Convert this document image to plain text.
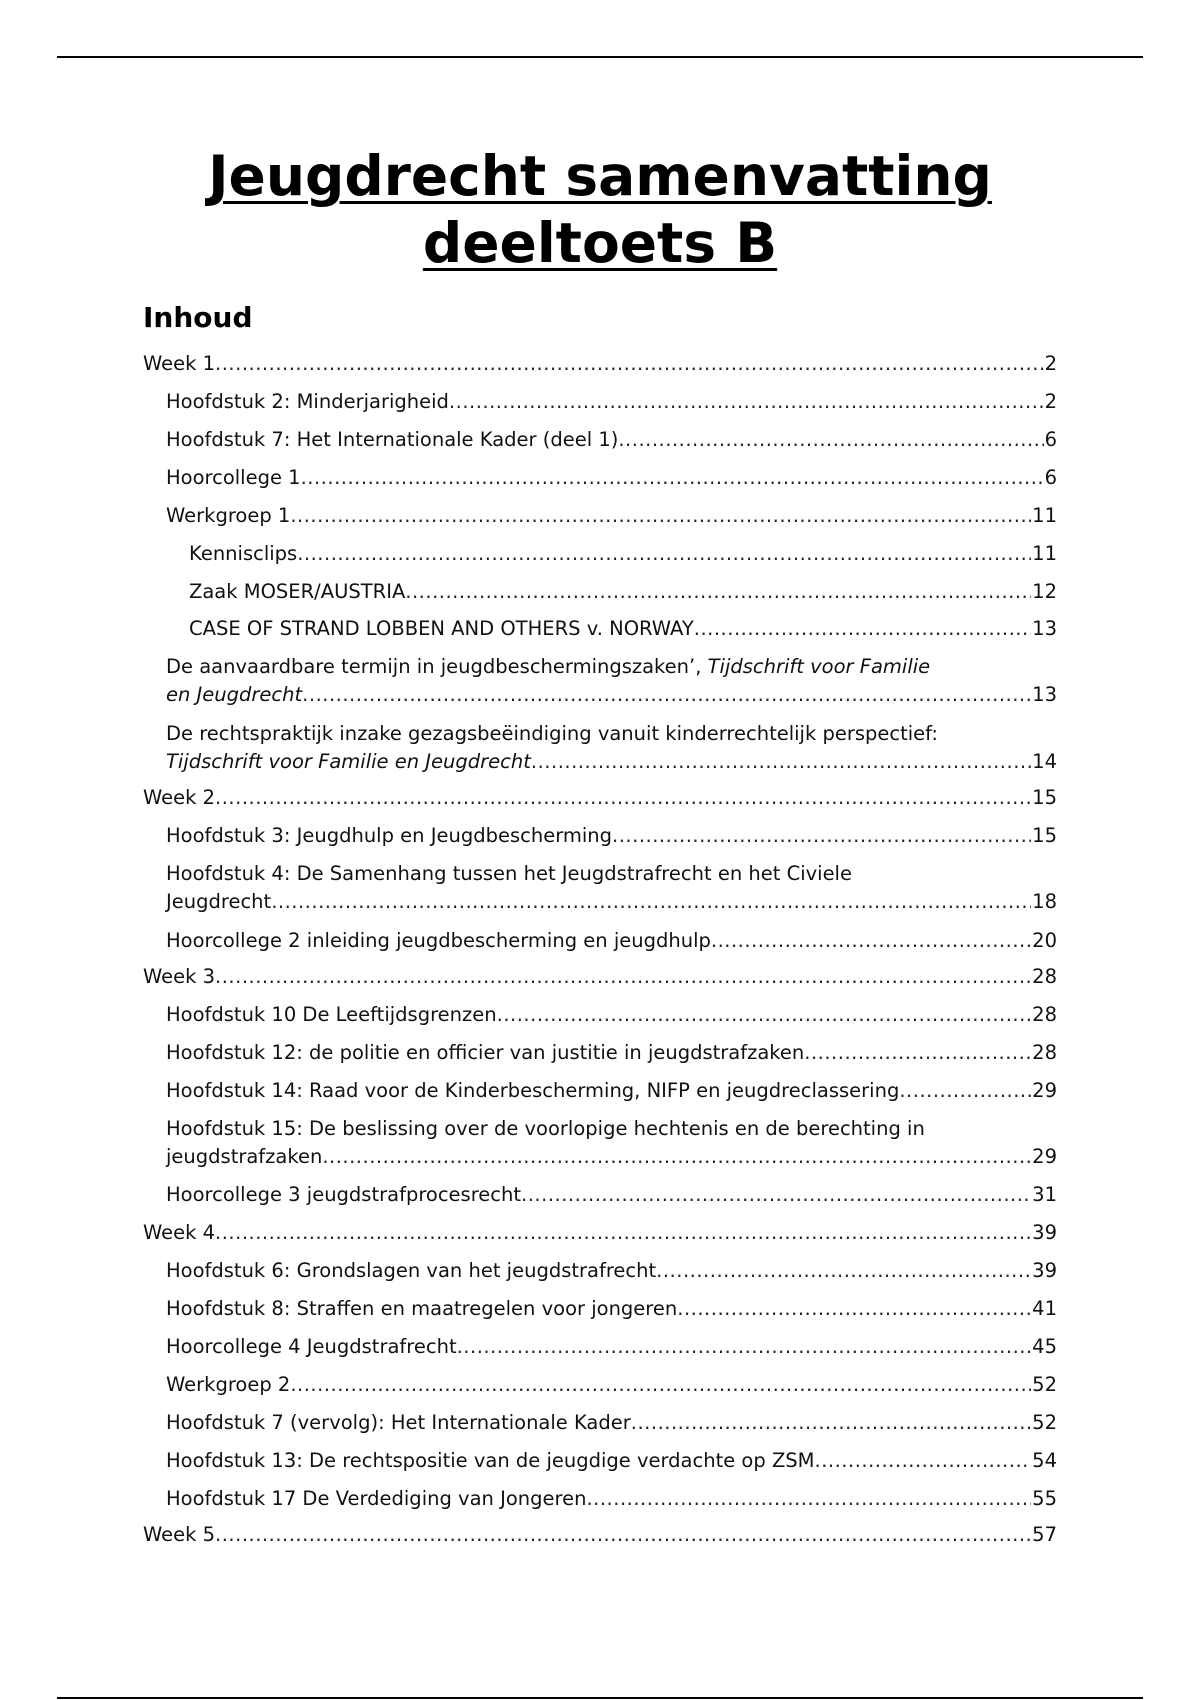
Jeugdrecht samenvatting
deeltoets B
Inhoud
Week 1 .....	2
Hoofdstuk 2: Minderjarigheid .....	2
Hoofdstuk 7: Het Internationale Kader (deel 1) .....	6
Hoorcollege 1 .....	6
Werkgroep 1 .....	11
Kennisclips .....	11
Zaak MOSER/AUSTRIA .....	12
CASE OF STRAND LOBBEN AND OTHERS v. NORWAY .....	13
De aanvaardbare termijn in jeugdbeschermingszaken’, Tijdschrift voor Familie
en Jeugdrecht .....	13
De rechtspraktijk inzake gezagsbeëindiging vanuit kinderrechtelijk perspectief:
Tijdschrift voor Familie en Jeugdrecht .....	14
Week 2 .....	15
Hoofdstuk 3: Jeugdhulp en Jeugdbescherming .....	15
Hoofdstuk 4: De Samenhang tussen het Jeugdstrafrecht en het Civiele
Jeugdrecht .....	18
Hoorcollege 2 inleiding jeugdbescherming en jeugdhulp .....	20
Week 3 .....	28
Hoofdstuk 10 De Leeftijdsgrenzen .....	28
Hoofdstuk 12: de politie en officier van justitie in jeugdstrafzaken .....	28
Hoofdstuk 14: Raad voor de Kinderbescherming, NIFP en jeugdreclassering .....	29
Hoofdstuk 15: De beslissing over de voorlopige hechtenis en de berechting in
jeugdstrafzaken .....	29
Hoorcollege 3 jeugdstrafprocesrecht .....	31
Week 4 .....	39
Hoofdstuk 6: Grondslagen van het jeugdstrafrecht .....	39
Hoofdstuk 8: Straffen en maatregelen voor jongeren .....	41
Hoorcollege 4 Jeugdstrafrecht .....	45
Werkgroep 2 .....	52
Hoofdstuk 7 (vervolg): Het Internationale Kader .....	52
Hoofdstuk 13: De rechtspositie van de jeugdige verdachte op ZSM .....	54
Hoofdstuk 17 De Verdediging van Jongeren .....	55
Week 5 .....	57
